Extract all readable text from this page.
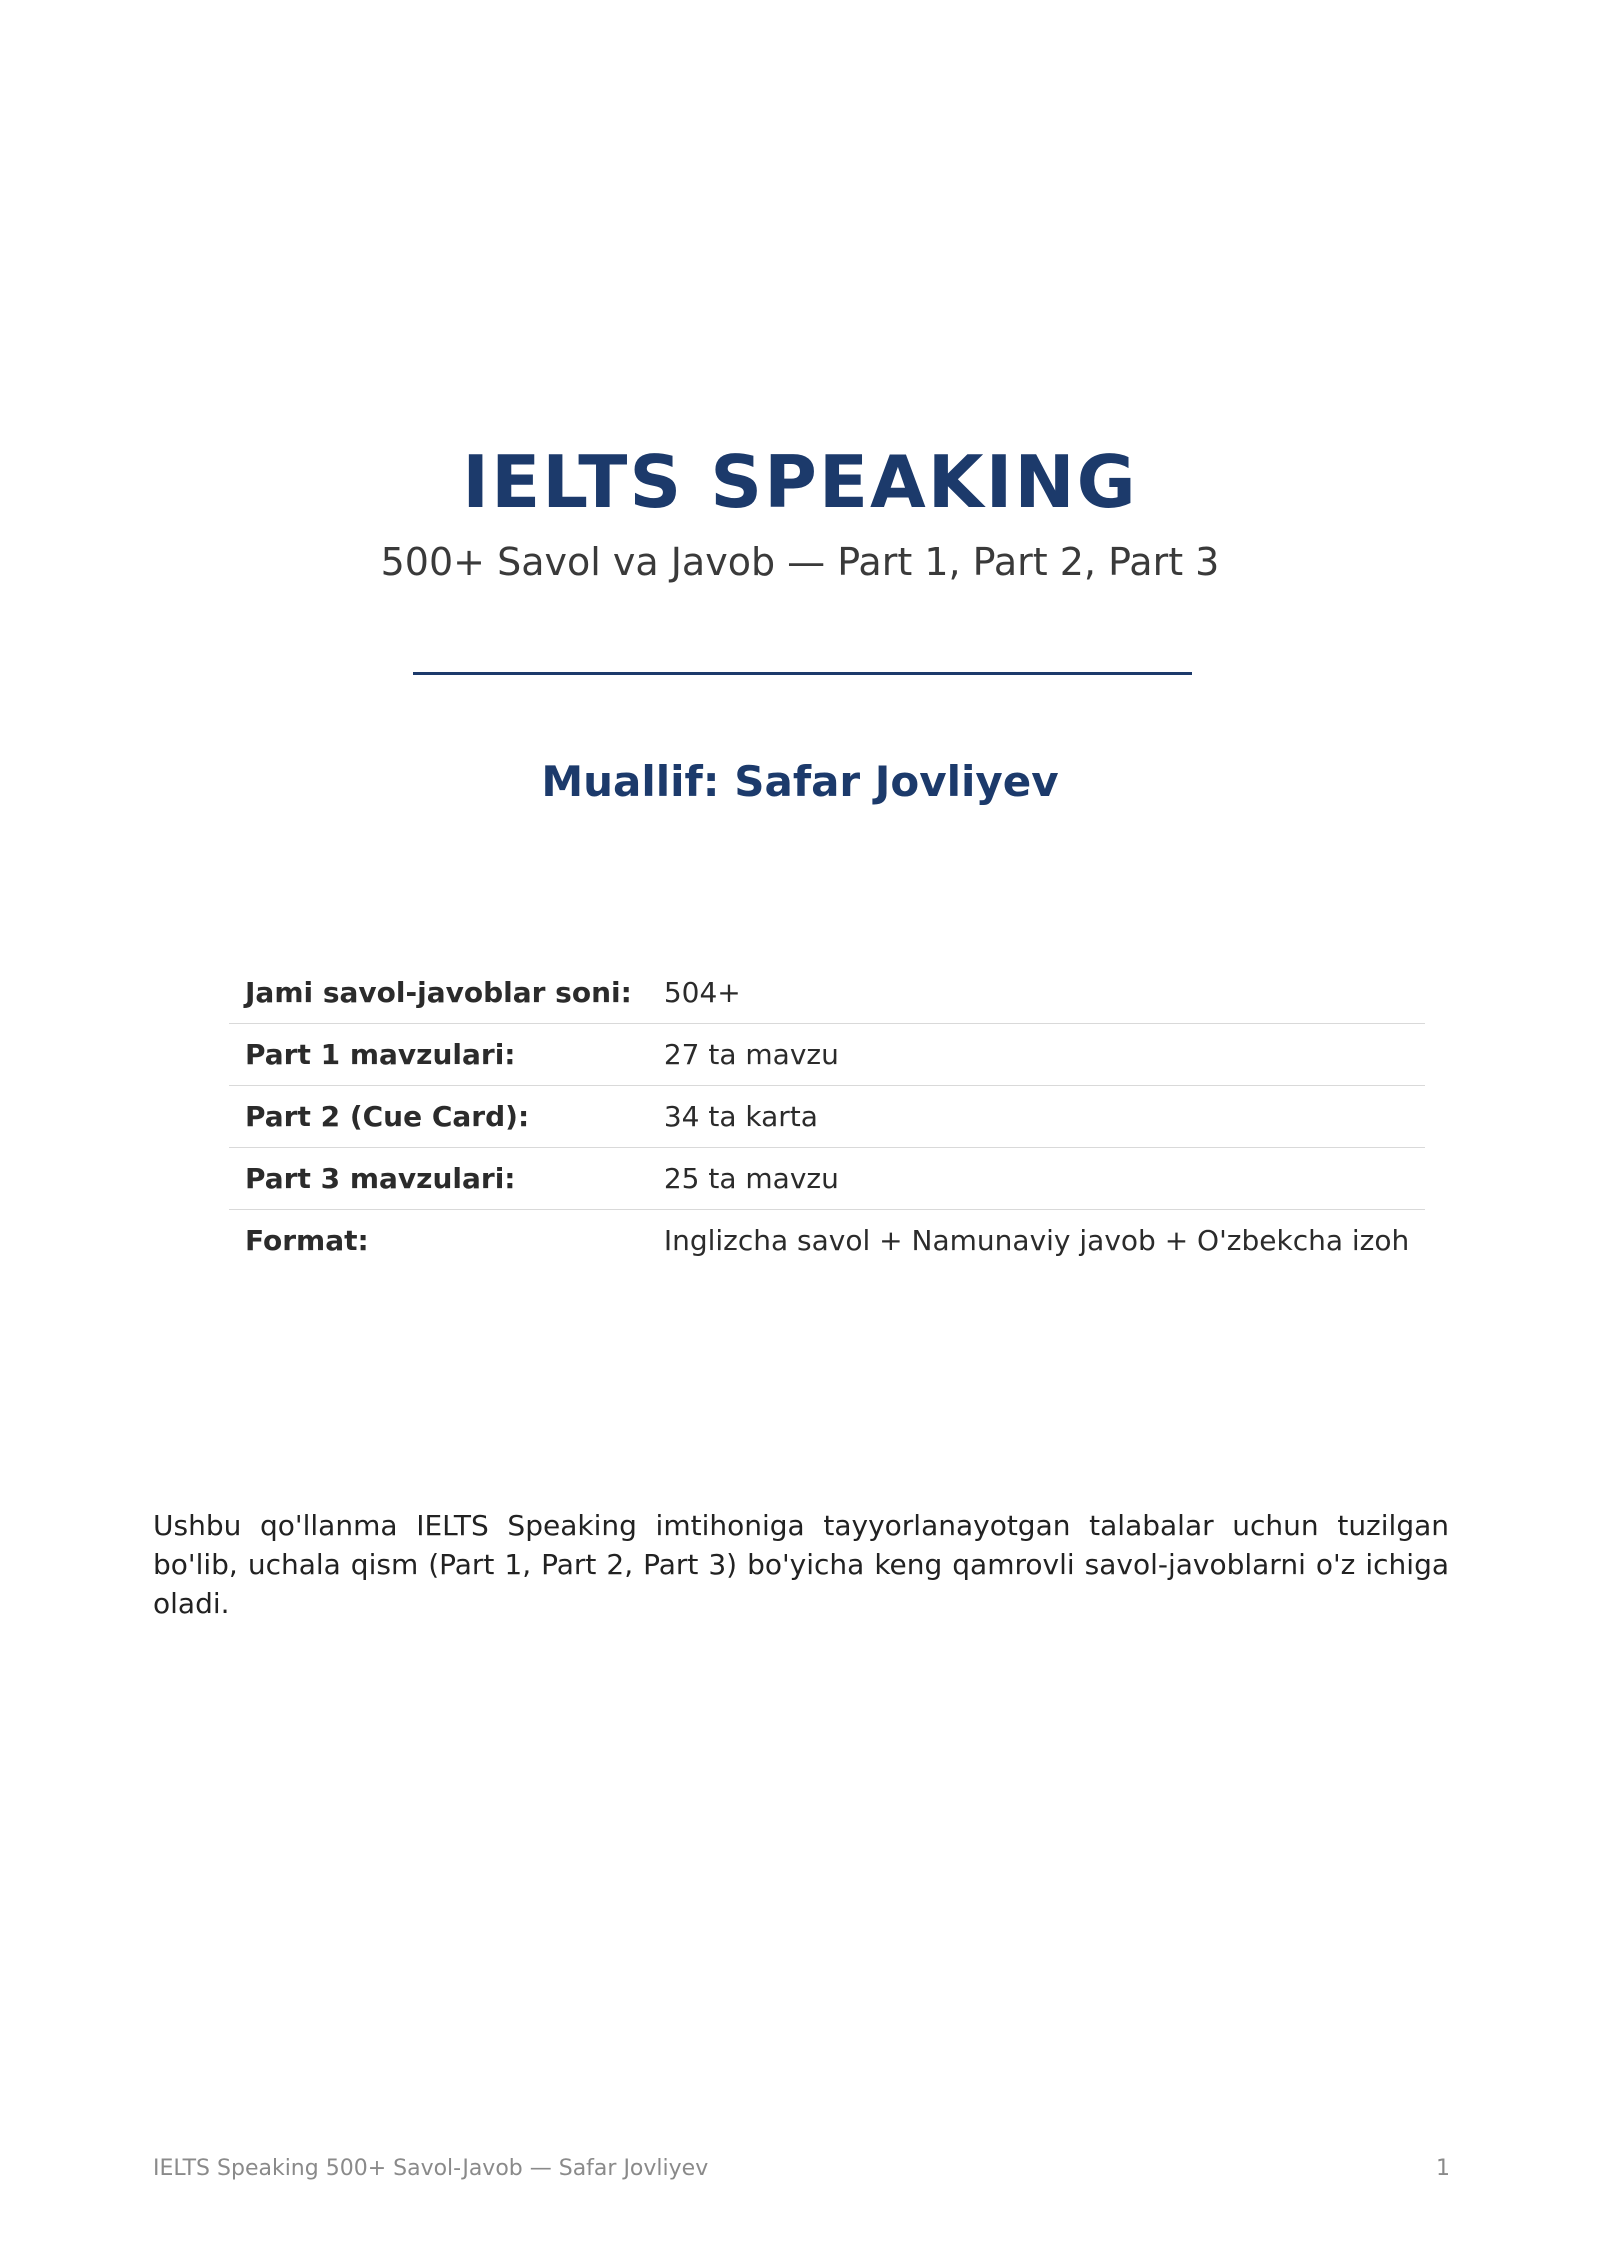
IELTS SPEAKING

500+ Savol va Javob — Part 1, Part 2, Part 3

Muallif: Safar Jovliyev
Jami savol-javoblar soni:	504+
Part 1 mavzulari:	27 ta mavzu
Part 2 (Cue Card):	34 ta karta
Part 3 mavzulari:	25 ta mavzu
Format:	Inglizcha savol + Namunaviy javob + O'zbekcha izoh

Ushbu qo'llanma IELTS Speaking imtihoniga tayyorlanayotgan talabalar uchun tuzilgan bo'lib, uchala qism (Part 1, Part 2, Part 3) bo'yicha keng qamrovli savol-javoblarni o'z ichiga oladi.

IELTS Speaking 500+ Savol-Javob — Safar Jovliyev	1
